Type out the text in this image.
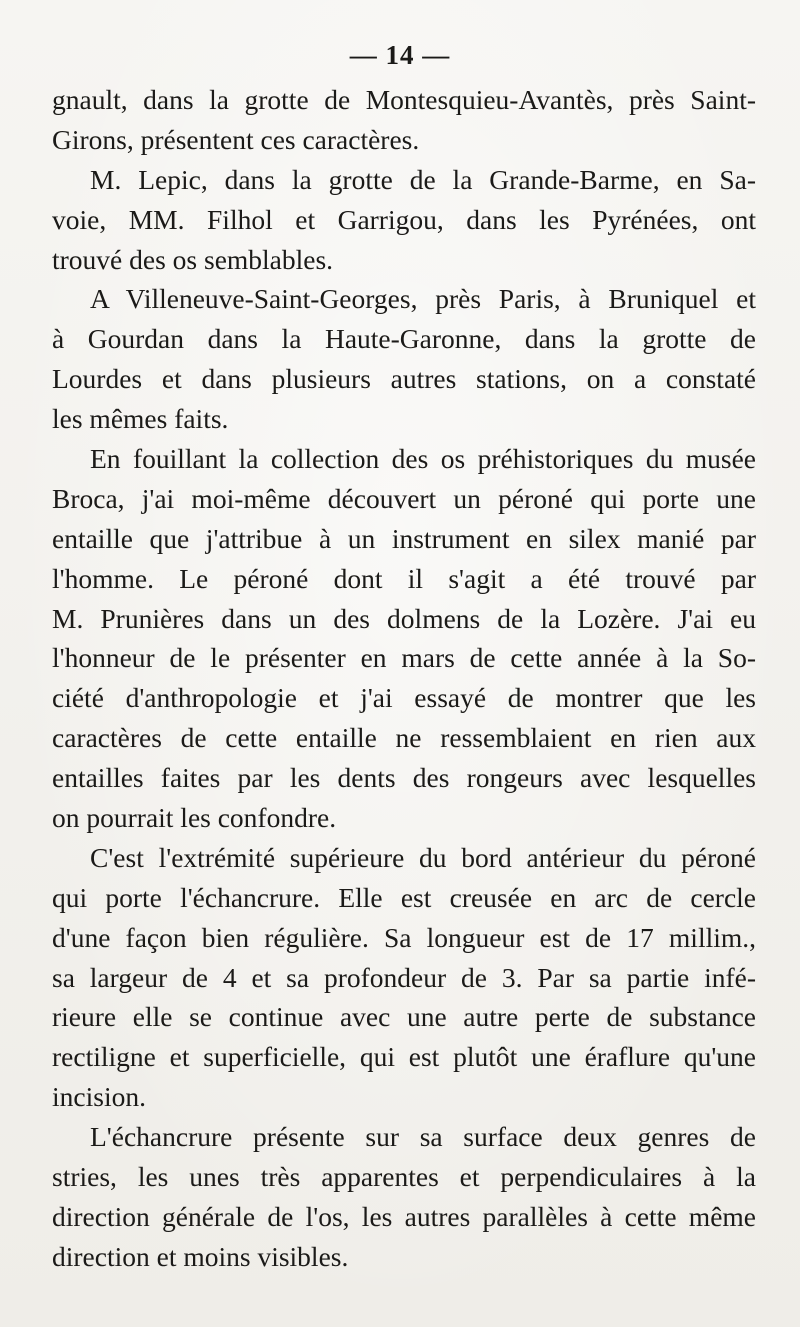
— 14 —
gnault, dans la grotte de Montesquieu-Avantès, près Saint-
Girons, présentent ces caractères.
M. Lepic, dans la grotte de la Grande-Barme, en Sa-
voie, MM. Filhol et Garrigou, dans les Pyrénées, ont
trouvé des os semblables.
A Villeneuve-Saint-Georges, près Paris, à Bruniquel et
à Gourdan dans la Haute-Garonne, dans la grotte de
Lourdes et dans plusieurs autres stations, on a constaté
les mêmes faits.
En fouillant la collection des os préhistoriques du musée
Broca, j'ai moi-même découvert un péroné qui porte une
entaille que j'attribue à un instrument en silex manié par
l'homme. Le péroné dont il s'agit a été trouvé par
M. Prunières dans un des dolmens de la Lozère. J'ai eu
l'honneur de le présenter en mars de cette année à la So-
ciété d'anthropologie et j'ai essayé de montrer que les
caractères de cette entaille ne ressemblaient en rien aux
entailles faites par les dents des rongeurs avec lesquelles
on pourrait les confondre.
C'est l'extrémité supérieure du bord antérieur du péroné
qui porte l'échancrure. Elle est creusée en arc de cercle
d'une façon bien régulière. Sa longueur est de 17 millim.,
sa largeur de 4 et sa profondeur de 3. Par sa partie infé-
rieure elle se continue avec une autre perte de substance
rectiligne et superficielle, qui est plutôt une éraflure qu'une
incision.
L'échancrure présente sur sa surface deux genres de
stries, les unes très apparentes et perpendiculaires à la
direction générale de l'os, les autres parallèles à cette même
direction et moins visibles.
